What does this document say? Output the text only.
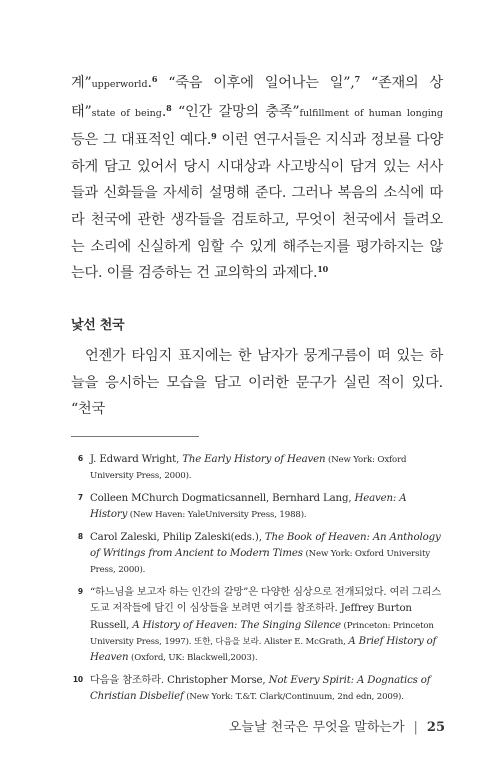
계”upperworld.$^6$ “죽음 이후에 일어나는 일”,$^7$ “존재의 상태”state of being.$^8$ “인간 갈망의 충족”fulfillment of human longing 등은 그 대표적인 예다.$^9$ 이런 연구서들은 지식과 정보를 다양하게 담고 있어서 당시 시대상과 사고방식이 담겨 있는 서사들과 신화들을 자세히 설명해 준다. 그러나 복음의 소식에 따라 천국에 관한 생각들을 검토하고, 무엇이 천국에서 들려오는 소리에 신실하게 임할 수 있게 해주는지를 평가하지는 않는다. 이를 검증하는 건 교의학의 과제다.$^{10}$

낯선 천국

언젠가 타임지 표지에는 한 남자가 뭉게구름이 떠 있는 하늘을 응시하는 모습을 담고 이러한 문구가 실린 적이 있다. “천국

6 J. Edward Wright, The Early History of Heaven (New York: Oxford University Press, 2000).
7 Colleen MChurch Dogmaticsannell, Bernhard Lang, Heaven: A History (New Haven: YaleUniversity Press, 1988).
8 Carol Zaleski, Philip Zaleski(eds.), The Book of Heaven: An Anthology of Writings from Ancient to Modern Times (New York: Oxford University Press, 2000).
9 “하느님을 보고자 하는 인간의 갈망”은 다양한 심상으로 전개되었다. 여러 그리스도교 저작들에 담긴 이 심상들을 보려면 여기를 참조하라. Jeffrey Burton Russell, A History of Heaven: The Singing Silence (Princeton: Princeton University Press, 1997). 또한, 다음을 보라. Alister E. McGrath, A Brief History of Heaven (Oxford, UK: Blackwell,2003).
10 다음을 참조하라. Christopher Morse, Not Every Spirit: A Dognatics of Christian Disbelief (New York: T.&T. Clark/Continuum, 2nd edn, 2009).
오늘날 천국은 무엇을 말하는가 | 25
